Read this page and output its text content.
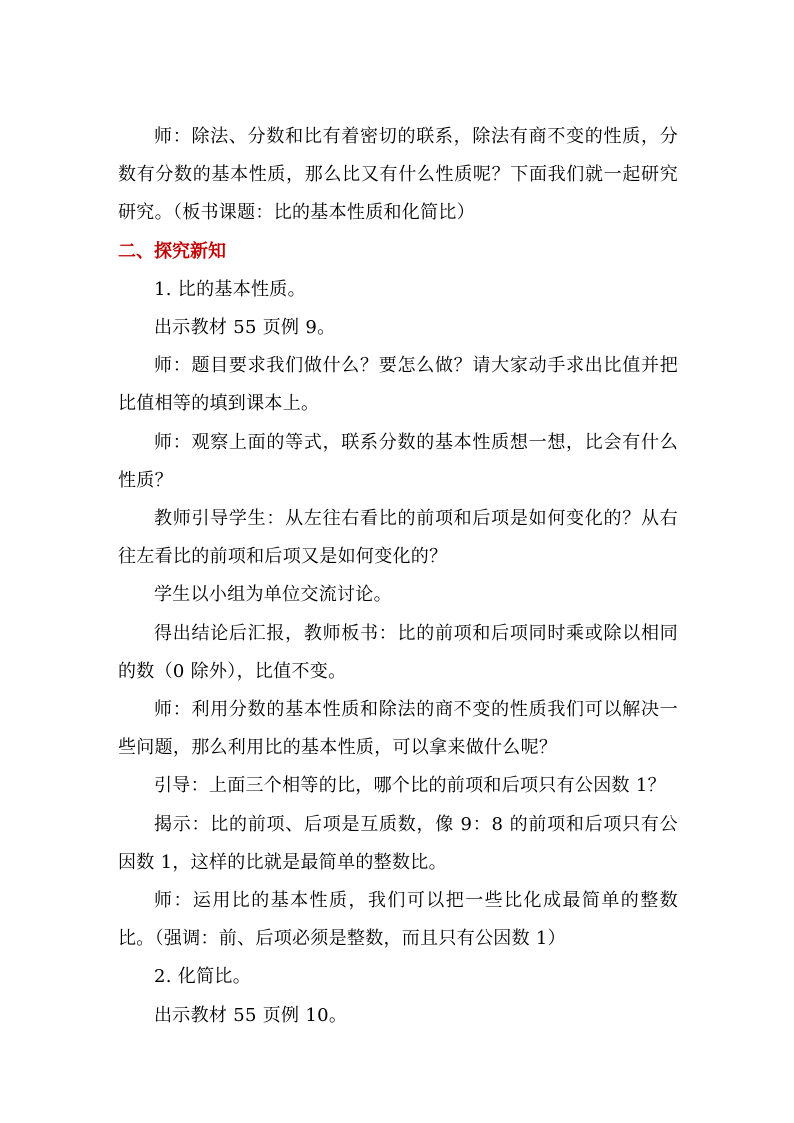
师：除法、分数和比有着密切的联系，除法有商不变的性质，分数有分数的基本性质，那么比又有什么性质呢？下面我们就一起研究研究。（板书课题：比的基本性质和化简比）

二、探究新知

1. 比的基本性质。

出示教材 55 页例 9。

师：题目要求我们做什么？要怎么做？请大家动手求出比值并把比值相等的填到课本上。

师：观察上面的等式，联系分数的基本性质想一想，比会有什么性质？

教师引导学生：从左往右看比的前项和后项是如何变化的？从右往左看比的前项和后项又是如何变化的？

学生以小组为单位交流讨论。

得出结论后汇报，教师板书：比的前项和后项同时乘或除以相同的数（0 除外），比值不变。

师：利用分数的基本性质和除法的商不变的性质我们可以解决一些问题，那么利用比的基本性质，可以拿来做什么呢？

引导：上面三个相等的比，哪个比的前项和后项只有公因数 1？

揭示：比的前项、后项是互质数，像 9：8 的前项和后项只有公因数 1，这样的比就是最简单的整数比。

师：运用比的基本性质，我们可以把一些比化成最简单的整数比。（强调：前、后项必须是整数，而且只有公因数 1）

2. 化简比。

出示教材 55 页例 10。
